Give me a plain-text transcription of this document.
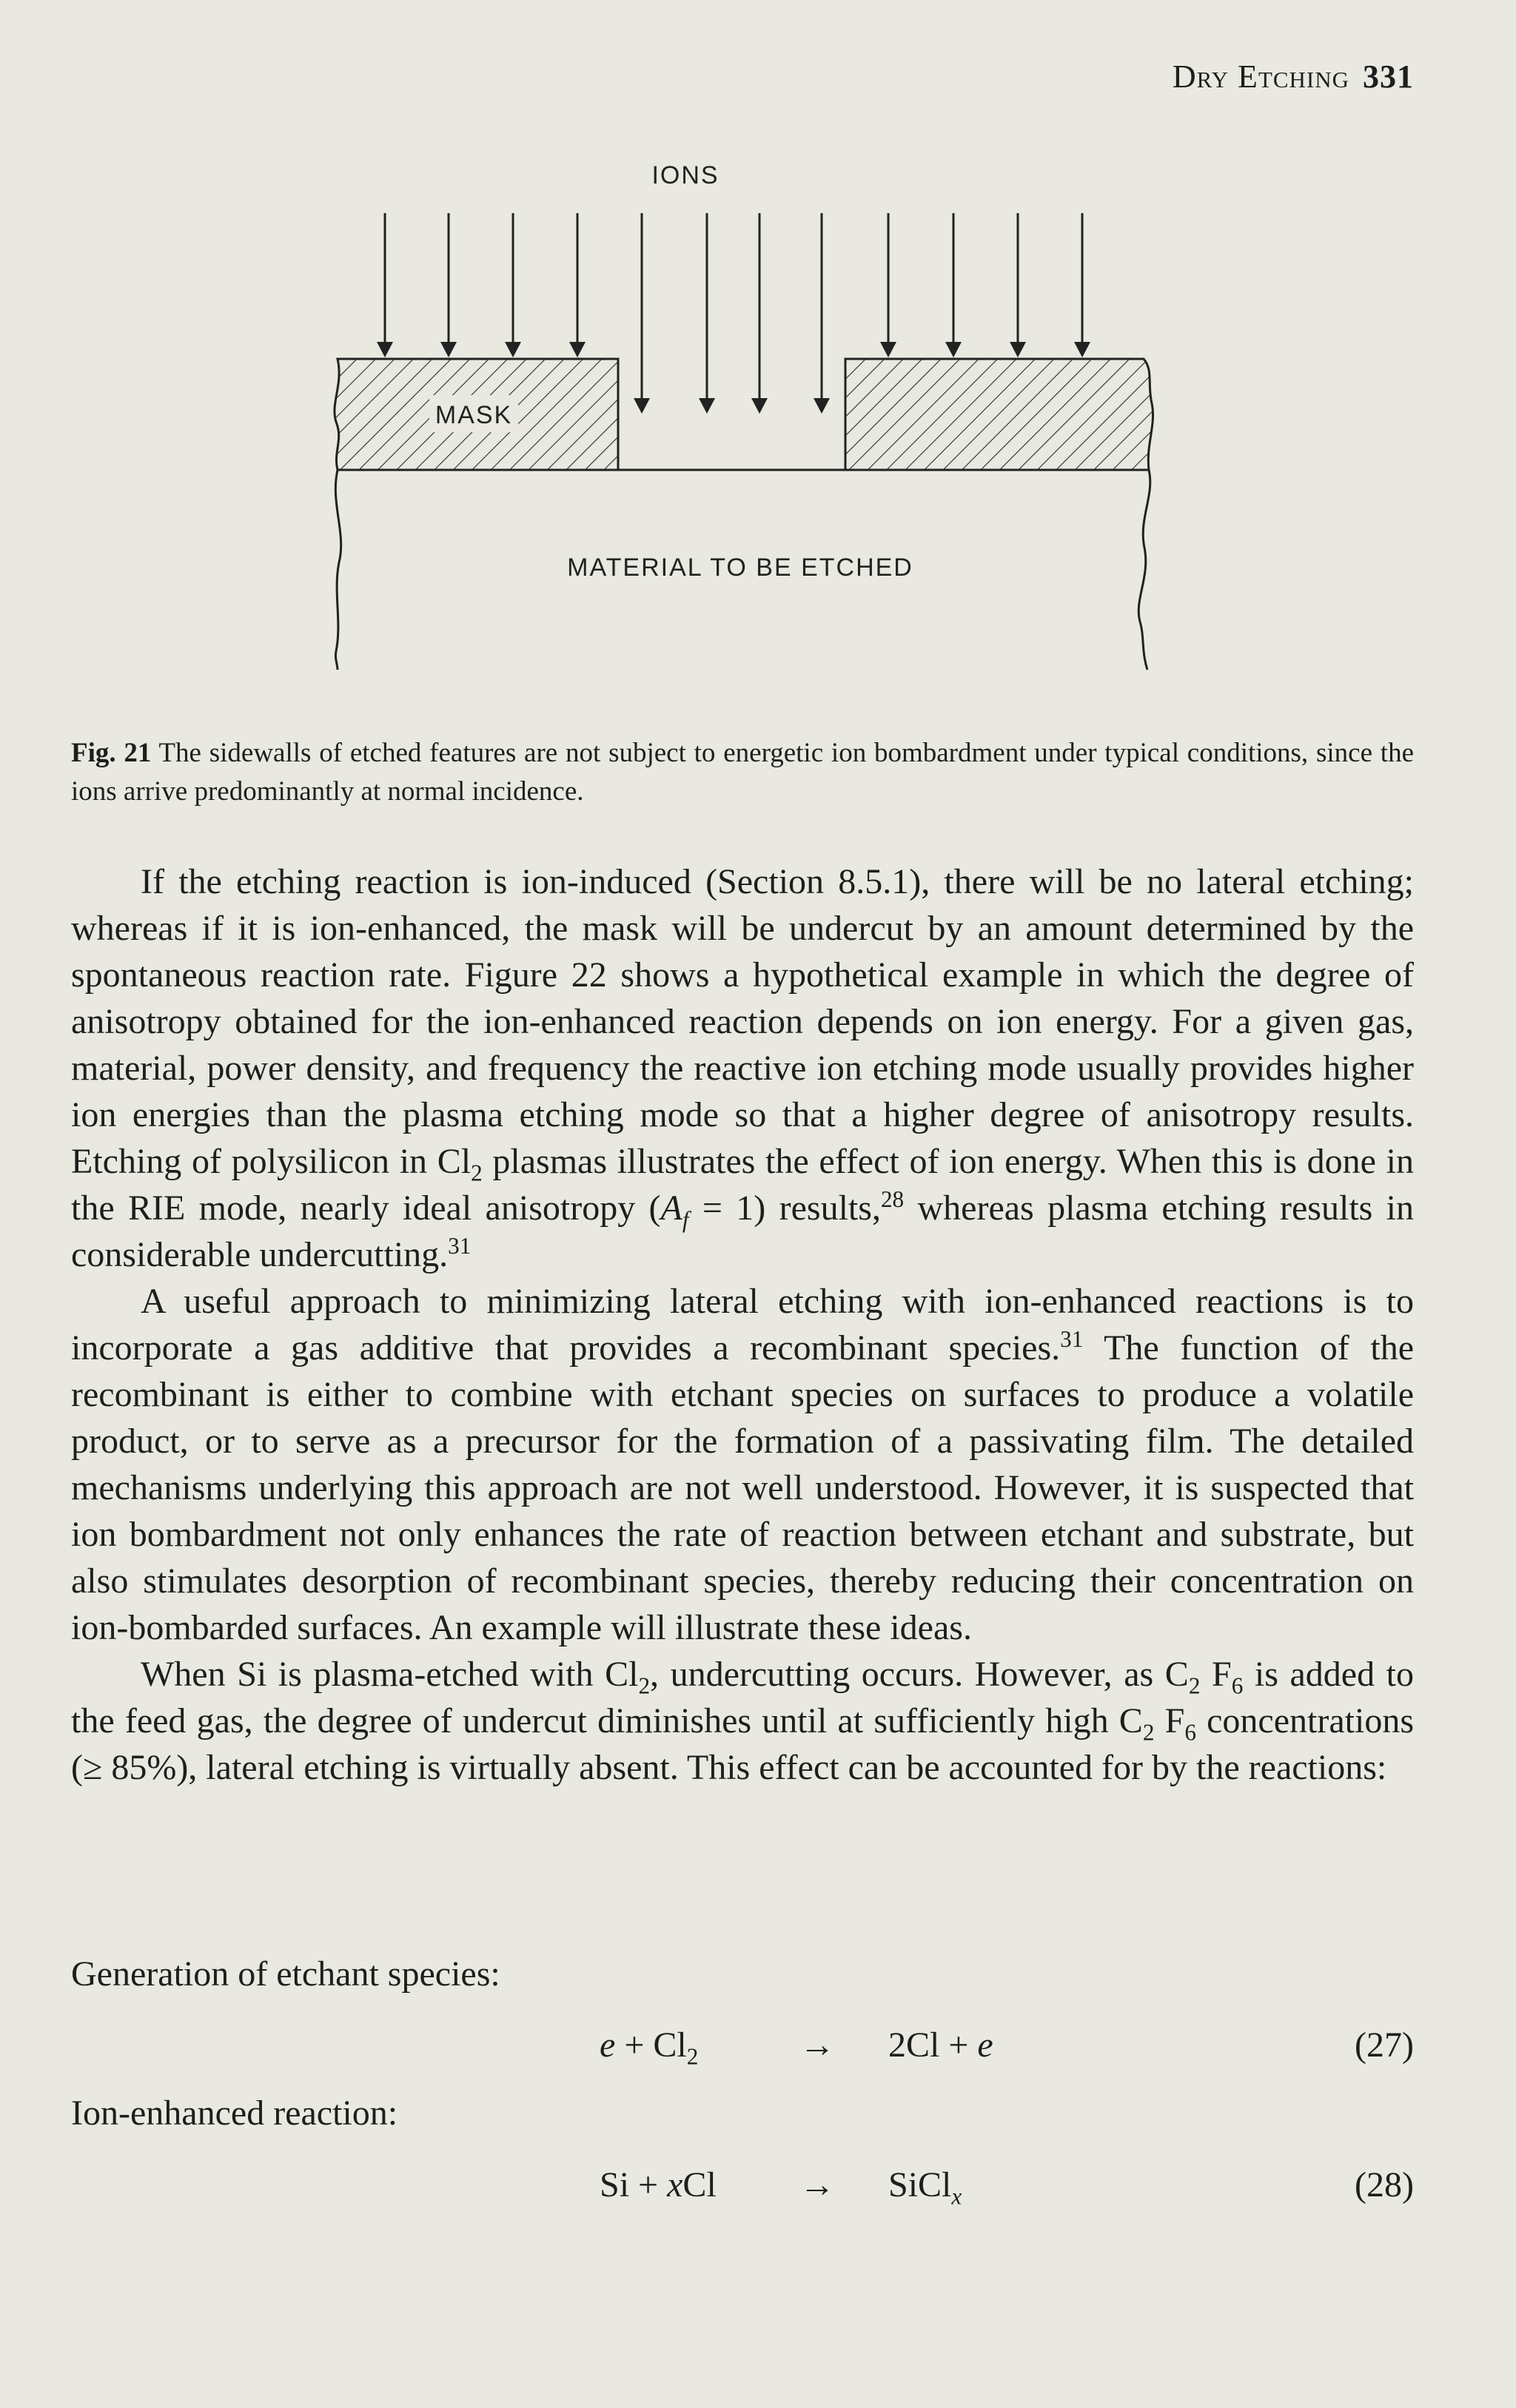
Dry Etching 331
IONS
MASK
MATERIAL TO BE ETCHED
Fig. 21 The sidewalls of etched features are not subject to energetic ion bombardment under typical conditions, since the ions arrive predominantly at normal incidence.

If the etching reaction is ion-induced (Section 8.5.1), there will be no lateral etching; whereas if it is ion-enhanced, the mask will be undercut by an amount determined by the spontaneous reaction rate. Figure 22 shows a hypothetical example in which the degree of anisotropy obtained for the ion-enhanced reaction depends on ion energy. For a given gas, material, power density, and frequency the reactive ion etching mode usually provides higher ion energies than the plasma etching mode so that a higher degree of anisotropy results. Etching of polysilicon in $Cl_2$ plasmas illustrates the effect of ion energy. When this is done in the RIE mode, nearly ideal anisotropy $(A_f = 1)$ results,$^{28}$ whereas plasma etching results in considerable undercutting.$^{31}$

A useful approach to minimizing lateral etching with ion-enhanced reactions is to incorporate a gas additive that provides a recombinant species.$^{31}$ The function of the recombinant is either to combine with etchant species on surfaces to produce a volatile product, or to serve as a precursor for the formation of a passivating film. The detailed mechanisms underlying this approach are not well understood. However, it is suspected that ion bombardment not only enhances the rate of reaction between etchant and substrate, but also stimulates desorption of recombinant species, thereby reducing their concentration on ion-bombarded surfaces. An example will illustrate these ideas.

When Si is plasma-etched with $Cl_2$, undercutting occurs. However, as $C_2$ $F_6$ is added to the feed gas, the degree of undercut diminishes until at sufficiently high $C_2$ $F_6$ concentrations (≥ 85%), lateral etching is virtually absent. This effect can be accounted for by the reactions:

Generation of etchant species:
$e + Cl_2$	→ 2Cl + e	(27)
Ion-enhanced reaction:
Si + xCl → SiCl$_x$	(28)
